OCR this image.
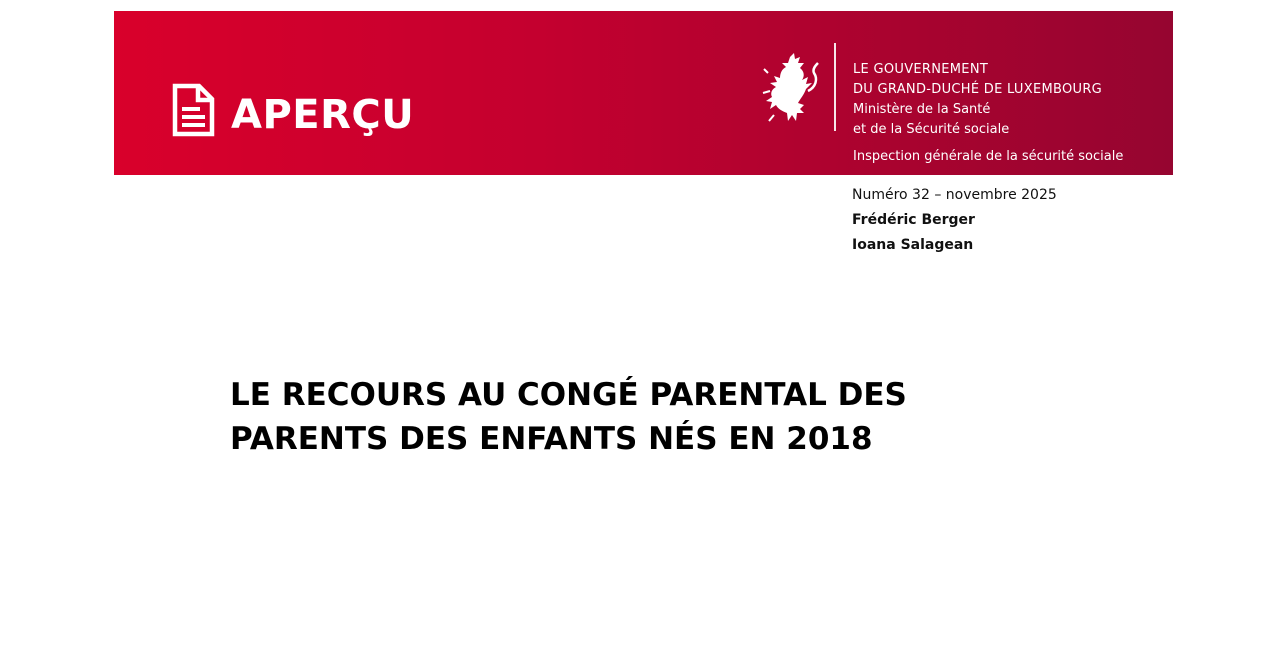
APERÇU

LE GOUVERNEMENT

DU GRAND-DUCHÉ DE LUXEMBOURG

Ministère de la Santé

et de la Sécurité sociale

Inspection générale de la sécurité sociale

Numéro 32 – novembre 2025

Frédéric Berger

Ioana Salagean

LE RECOURS AU CONGÉ PARENTAL DES
PARENTS DES ENFANTS NÉS EN 2018
